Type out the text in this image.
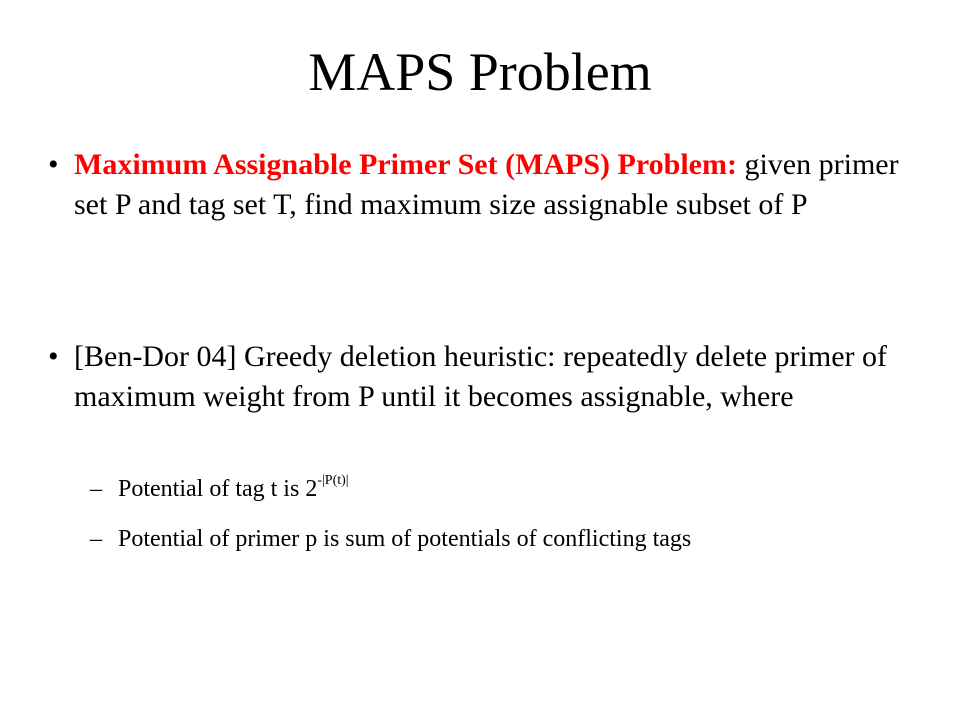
MAPS Problem
• Maximum Assignable Primer Set (MAPS) Problem: given primer set P and tag set T, find maximum size assignable subset of P
• [Ben-Dor 04] Greedy deletion heuristic: repeatedly delete primer of maximum weight from P until it becomes assignable, where
– Potential of tag t is $2^{-|P(t)|}$
– Potential of primer p is sum of potentials of conflicting tags
